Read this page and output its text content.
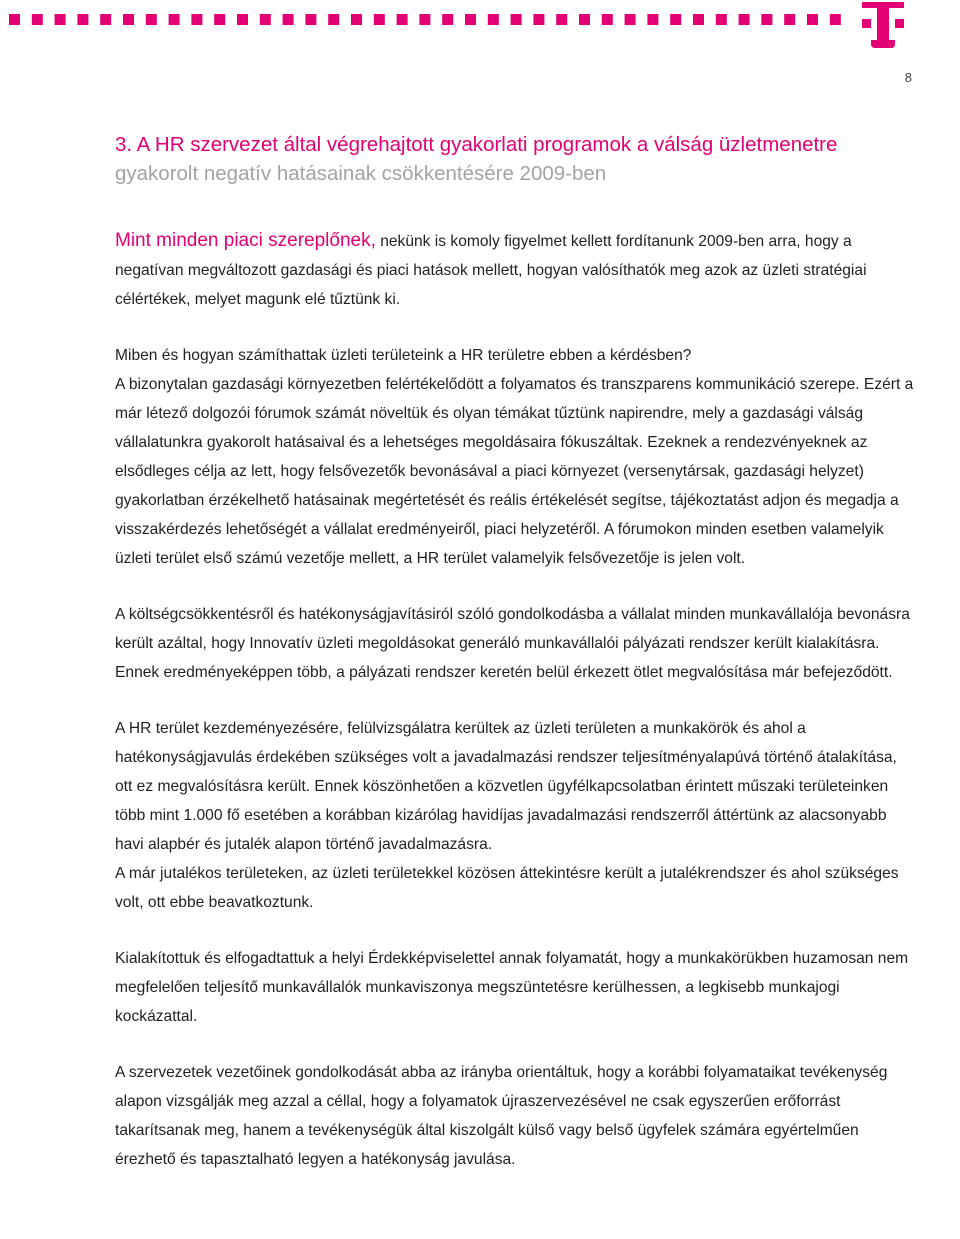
8
3. A HR szervezet által végrehajtott gyakorlati programok a válság üzletmenetre
gyakorolt negatív hatásainak csökkentésére 2009-ben

Mint minden piaci szereplőnek, nekünk is komoly figyelmet kellett fordítanunk 2009-ben arra, hogy a negatívan megváltozott gazdasági és piaci hatások mellett, hogyan valósíthatók meg azok az üzleti stratégiai célértékek, melyet magunk elé tűztünk ki.

Miben és hogyan számíthattak üzleti területeink a HR területre ebben a kérdésben?
A bizonytalan gazdasági környezetben felértékelődött a folyamatos és transzparens kommunikáció szerepe. Ezért a már létező dolgozói fórumok számát növeltük és olyan témákat tűztünk napirendre, mely a gazdasági válság vállalatunkra gyakorolt hatásaival és a lehetséges megoldásaira fókuszáltak. Ezeknek a rendezvényeknek az elsődleges célja az lett, hogy felsővezetők bevonásával a piaci környezet (versenytársak, gazdasági helyzet) gyakorlatban érzékelhető hatásainak megértetését és reális értékelését segítse, tájékoztatást adjon és megadja a visszakérdezés lehetőségét a vállalat eredményeiről, piaci helyzetéről. A fórumokon minden esetben valamelyik üzleti terület első számú vezetője mellett, a HR terület valamelyik felsővezetője is jelen volt.

A költségcsökkentésről és hatékonyságjavításiról szóló gondolkodásba a vállalat minden munkavállalója bevonásra került azáltal, hogy Innovatív üzleti megoldásokat generáló munkavállalói pályázati rendszer került kialakításra. Ennek eredményeképpen több, a pályázati rendszer keretén belül érkezett ötlet megvalósítása már befejeződött.

A HR terület kezdeményezésére, felülvizsgálatra kerültek az üzleti területen a munkakörök és ahol a hatékonyságjavulás érdekében szükséges volt a javadalmazási rendszer teljesítményalapúvá történő átalakítása, ott ez megvalósításra került. Ennek köszönhetően a közvetlen ügyfélkapcsolatban érintett műszaki területeinken több mint 1.000 fő esetében a korábban kizárólag havidíjas javadalmazási rendszerről áttértünk az alacsonyabb havi alapbér és jutalék alapon történő javadalmazásra.
A már jutalékos területeken, az üzleti területekkel közösen áttekintésre került a jutalékrendszer és ahol szükséges volt, ott ebbe beavatkoztunk.

Kialakítottuk és elfogadtattuk a helyi Érdekképviselettel annak folyamatát, hogy a munkakörükben huzamosan nem megfelelően teljesítő munkavállalók munkaviszonya megszüntetésre kerülhessen, a legkisebb munkajogi kockázattal.

A szervezetek vezetőinek gondolkodását abba az irányba orientáltuk, hogy a korábbi folyamataikat tevékenység alapon vizsgálják meg azzal a céllal, hogy a folyamatok újraszervezésével ne csak egyszerűen erőforrást takarítsanak meg, hanem a tevékenységük által kiszolgált külső vagy belső ügyfelek számára egyértelműen érezhető és tapasztalható legyen a hatékonyság javulása.
